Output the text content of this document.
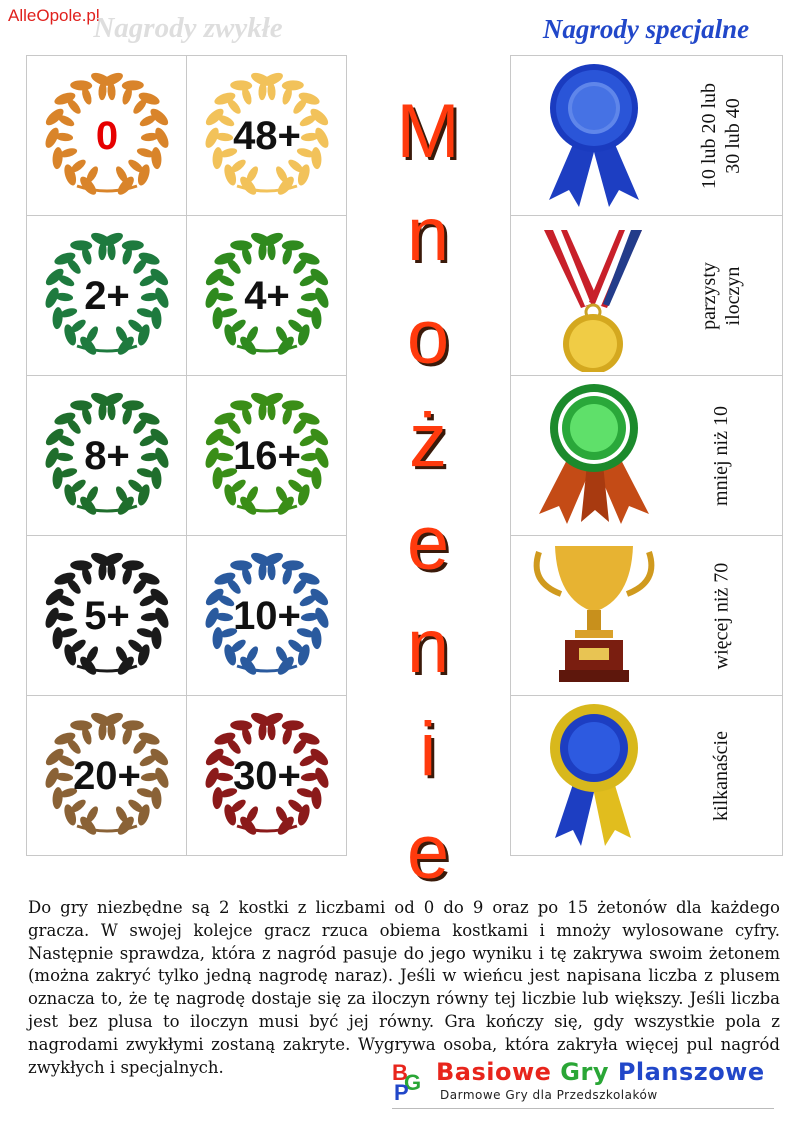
AlleOpole.pl
Nagrody zwykłe	Nagrody specjalne
0	48+
2+	4+
8+	16+
5+	10+
20+	30+
M
n
o
ż
e
n
i
e
10 lub 20 lub 30 lub 40
parzysty iloczyn
mniej niż 10
więcej niż 70
kilkanaście

Do gry niezbędne są 2 kostki z liczbami od 0 do 9 oraz po 15 żetonów dla każdego gracza. W swojej kolejce gracz rzuca obiema kostkami i mnoży wylosowane cyfry. Następnie sprawdza, która z nagród pasuje do jego wyniku i tę zakrywa swoim żetonem (można zakryć tylko jedną nagrodę naraz). Jeśli w wieńcu jest napisana liczba z plusem oznacza to, że tę nagrodę dostaje się za iloczyn równy tej liczbie lub większy. Jeśli liczba jest bez plusa to iloczyn musi być jej równy. Gra kończy się, gdy wszystkie pola z nagrodami zwykłymi zostaną zakryte. Wygrywa osoba, która zakryła więcej pul nagród zwykłych i specjalnych.	B
G
P
Basiowe Gry Planszowe
Darmowe Gry dla Przedszkolaków
